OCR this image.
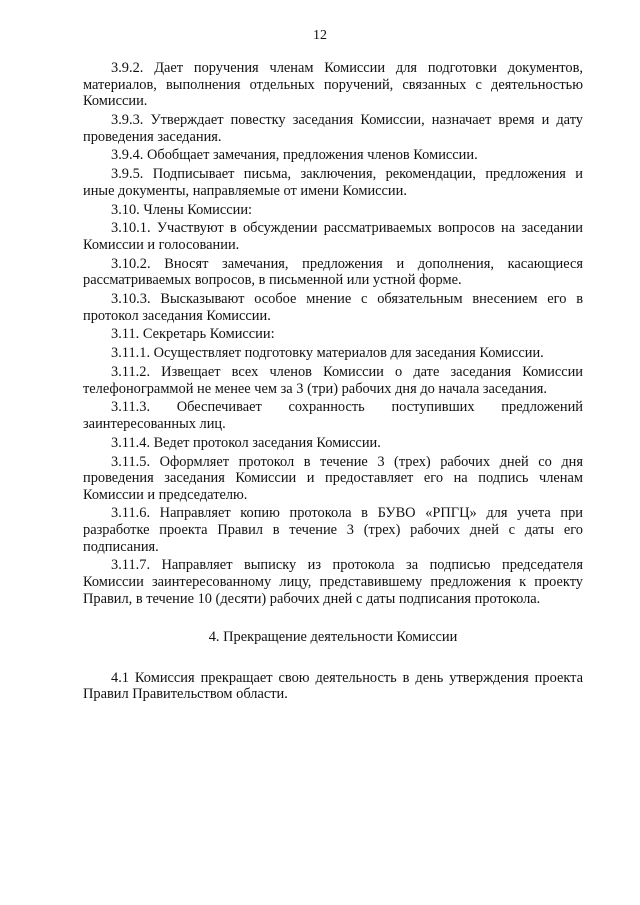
12

3.9.2. Дает поручения членам Комиссии для подготовки документов, материалов, выполнения отдельных поручений, связанных с деятельностью Комиссии.

3.9.3. Утверждает повестку заседания Комиссии, назначает время и дату проведения заседания.

3.9.4. Обобщает замечания, предложения членов Комиссии.

3.9.5. Подписывает письма, заключения, рекомендации, предложения и иные документы, направляемые от имени Комиссии.

3.10. Члены Комиссии:

3.10.1. Участвуют в обсуждении рассматриваемых вопросов на заседании Комиссии и голосовании.

3.10.2. Вносят замечания, предложения и дополнения, касающиеся рассматриваемых вопросов, в письменной или устной форме.

3.10.3. Высказывают особое мнение с обязательным внесением его в протокол заседания Комиссии.

3.11. Секретарь Комиссии:

3.11.1. Осуществляет подготовку материалов для заседания Комиссии.

3.11.2. Извещает всех членов Комиссии о дате заседания Комиссии телефонограммой не менее чем за 3 (три) рабочих дня до начала заседания.

3.11.3. Обеспечивает сохранность поступивших предложений заинтересованных лиц.

3.11.4. Ведет протокол заседания Комиссии.

3.11.5. Оформляет протокол в течение 3 (трех) рабочих дней со дня проведения заседания Комиссии и предоставляет его на подпись членам Комиссии и председателю.

3.11.6. Направляет копию протокола в БУВО «РПГЦ» для учета при разработке проекта Правил в течение 3 (трех) рабочих дней с даты его подписания.

3.11.7. Направляет выписку из протокола за подписью председателя Комиссии заинтересованному лицу, представившему предложения к проекту Правил, в течение 10 (десяти) рабочих дней с даты подписания протокола.

4. Прекращение деятельности Комиссии

4.1 Комиссия прекращает свою деятельность в день утверждения проекта Правил Правительством области.
